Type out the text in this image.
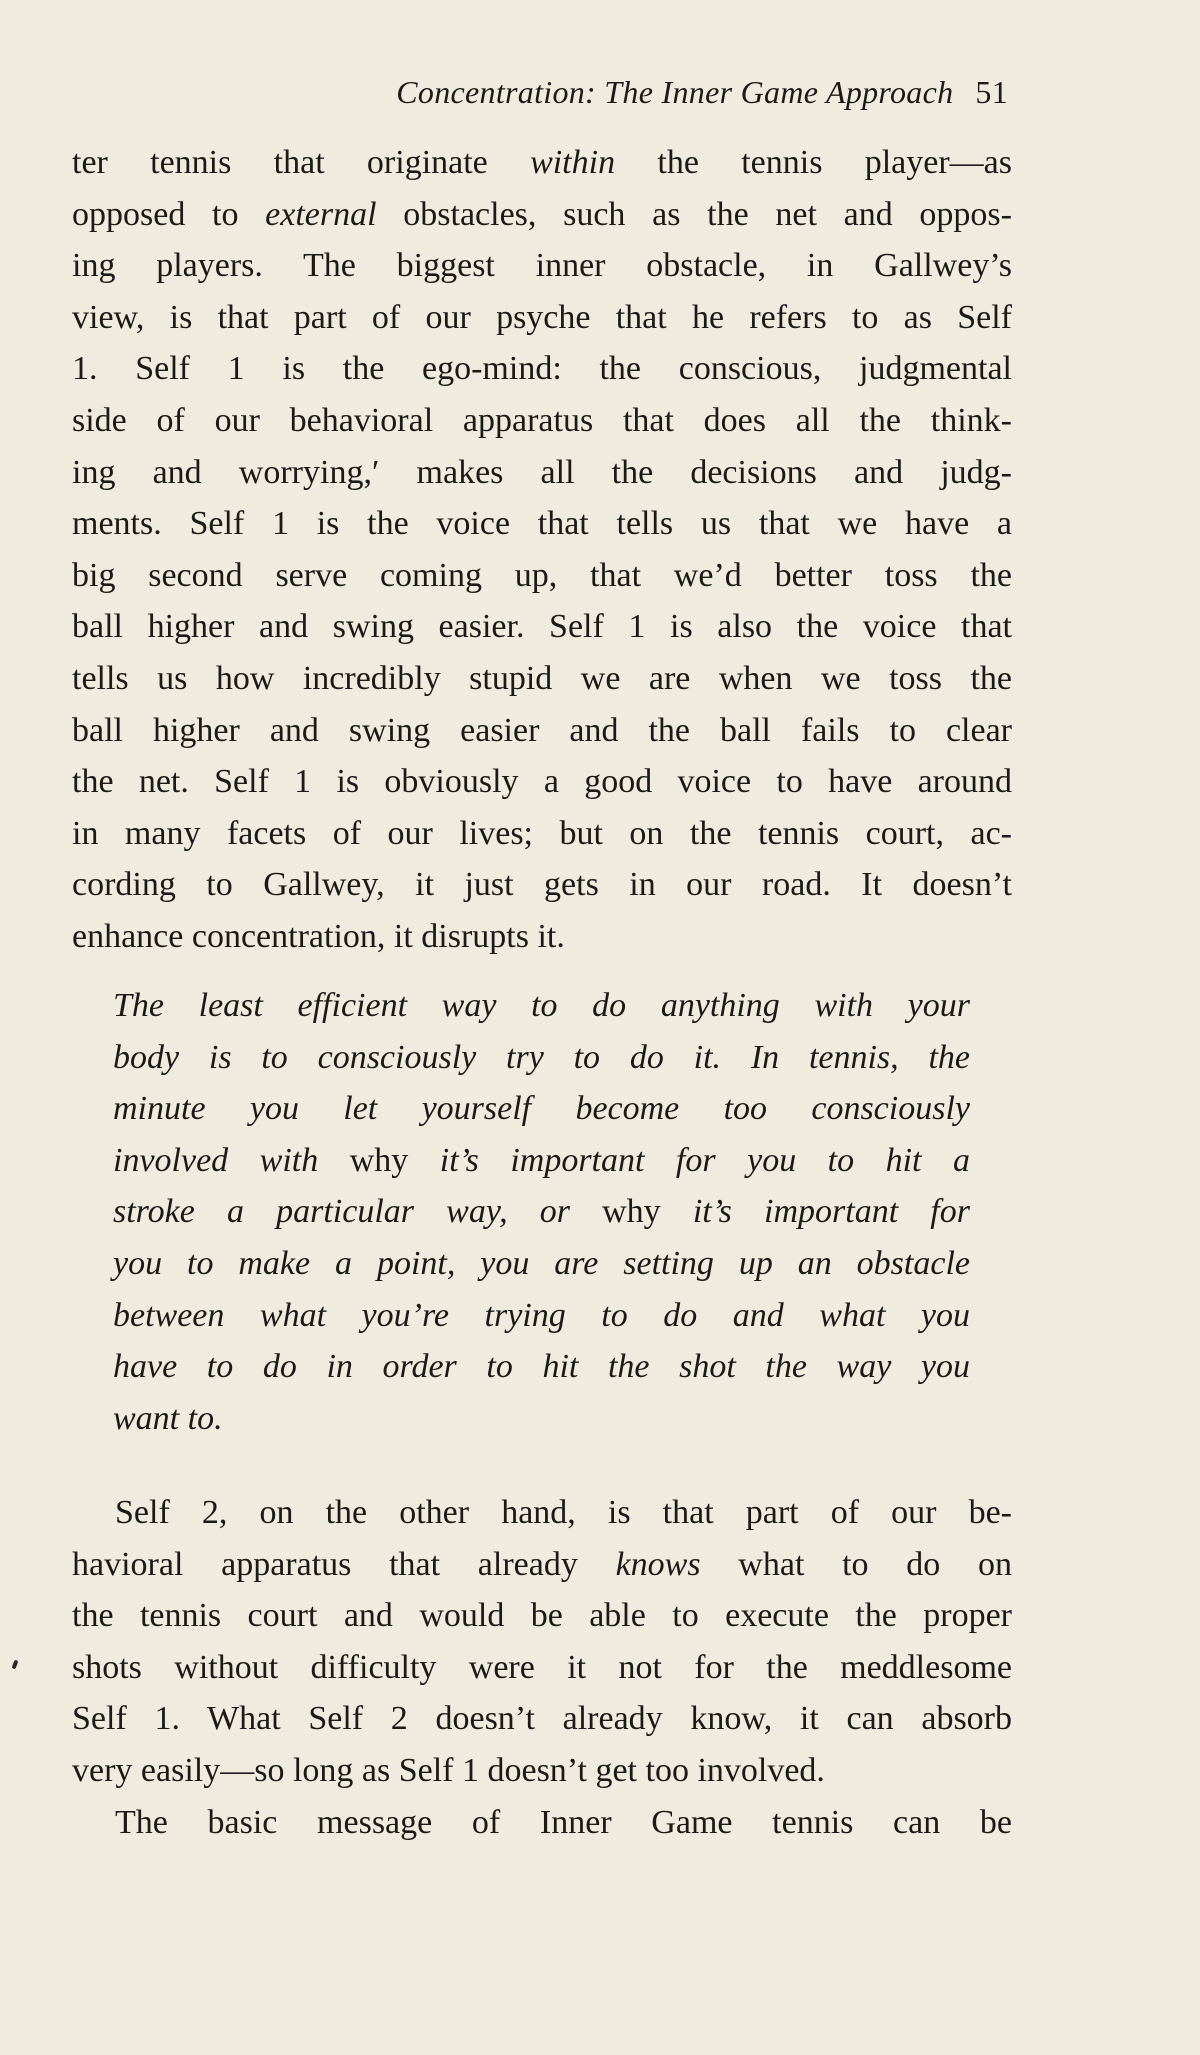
Concentration: The Inner Game Approach 51
ter tennis that originate within the tennis player—as
opposed to external obstacles, such as the net and oppos-
ing players. The biggest inner obstacle, in Gallwey’s
view, is that part of our psyche that he refers to as Self
1. Self 1 is the ego-mind: the conscious, judgmental
side of our behavioral apparatus that does all the think-
ing and worrying,′ makes all the decisions and judg-
ments. Self 1 is the voice that tells us that we have a
big second serve coming up, that we’d better toss the
ball higher and swing easier. Self 1 is also the voice that
tells us how incredibly stupid we are when we toss the
ball higher and swing easier and the ball fails to clear
the net. Self 1 is obviously a good voice to have around
in many facets of our lives; but on the tennis court, ac-
cording to Gallwey, it just gets in our road. It doesn’t
enhance concentration, it disrupts it.
The least efficient way to do anything with your
body is to consciously try to do it. In tennis, the
minute you let yourself become too consciously
involved with why it’s important for you to hit a
stroke a particular way, or why it’s important for
you to make a point, you are setting up an obstacle
between what you’re trying to do and what you
have to do in order to hit the shot the way you
want to.
Self 2, on the other hand, is that part of our be-
havioral apparatus that already knows what to do on
the tennis court and would be able to execute the proper
shots without difficulty were it not for the meddlesome
Self 1. What Self 2 doesn’t already know, it can absorb
very easily—so long as Self 1 doesn’t get too involved.
The basic message of Inner Game tennis can be
